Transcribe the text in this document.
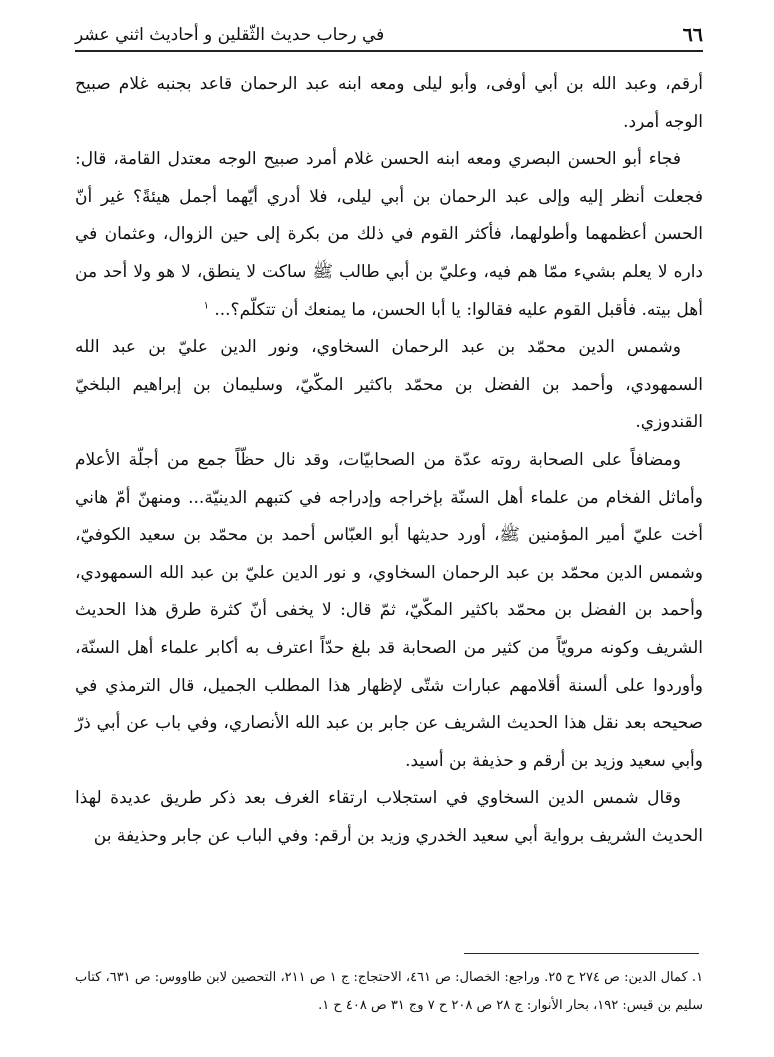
٦٦
في رحاب حديث الثّقلين و أحاديث اثني عشر

أرقم، وعبد الله بن أبي أوفى، وأبو ليلى ومعه ابنه عبد الرحمان قاعد بجنبه غلام صبيح الوجه أمرد.

فجاء أبو الحسن البصري ومعه ابنه الحسن غلام أمرد صبيح الوجه معتدل القامة، قال: فجعلت أنظر إليه وإلى عبد الرحمان بن أبي ليلى، فلا أدري أيّهما أجمل هيئةً؟ غير أنّ الحسن أعظمهما وأطولهما، فأكثر القوم في ذلك من بكرة إلى حين الزوال، وعثمان في داره لا يعلم بشيء ممّا هم فيه، وعليّ بن أبي طالب ﷺ ساكت لا ينطق، لا هو ولا أحد من أهل بيته. فأقبل القوم عليه فقالوا: يا أبا الحسن، ما يمنعك أن تتكلّم؟... $^١$

وشمس الدين محمّد بن عبد الرحمان السخاوي، ونور الدين عليّ بن عبد الله السمهودي، وأحمد بن الفضل بن محمّد باكثير المكّيّ، وسليمان بن إبراهيم البلخيّ القندوزي.

ومضافاً على الصحابة روته عدّة من الصحابيّات، وقد نال حظّاً جمع من أجلّة الأعلام وأماثل الفخام من علماء أهل السنّة بإخراجه وإدراجه في كتبهم الدينيّة... ومنهنّ أمّ هاني أخت عليّ أمير المؤمنين ﷺ، أورد حديثها أبو العبّاس أحمد بن محمّد بن سعيد الكوفيّ، وشمس الدين محمّد بن عبد الرحمان السخاوي، و نور الدين عليّ بن عبد الله السمهودي، وأحمد بن الفضل بن محمّد باكثير المكّيّ، ثمّ قال: لا يخفى أنّ كثرة طرق هذا الحديث الشريف وكونه مرويّاً من كثير من الصحابة قد بلغ حدّاً اعترف به أكابر علماء أهل السنّة، وأوردوا على ألسنة أقلامهم عبارات شتّى لإظهار هذا المطلب الجميل، قال الترمذي في صحيحه بعد نقل هذا الحديث الشريف عن جابر بن عبد الله الأنصاري، وفي باب عن أبي ذرّ وأبي سعيد وزيد بن أرقم و حذيفة بن أسيد.

وقال شمس الدين السخاوي في استجلاب ارتقاء الغرف بعد ذكر طريق عديدة لهذا الحديث الشريف برواية أبي سعيد الخدري وزيد بن أرقم: وفي الباب عن جابر وحذيفة بن

١. كمال الدين: ص ٢٧٤ ح ٢٥. وراجع: الخصال: ص ٤٦١، الاحتجاج: ج ١ ص ٢١١، التحصين لابن طاووس: ص ٦٣١، كتاب سليم بن قيس: ١٩٢، بحار الأنوار: ج ٢٨ ص ٢٠٨ ح ٧ وج ٣١ ص ٤٠٨ ح ١.
